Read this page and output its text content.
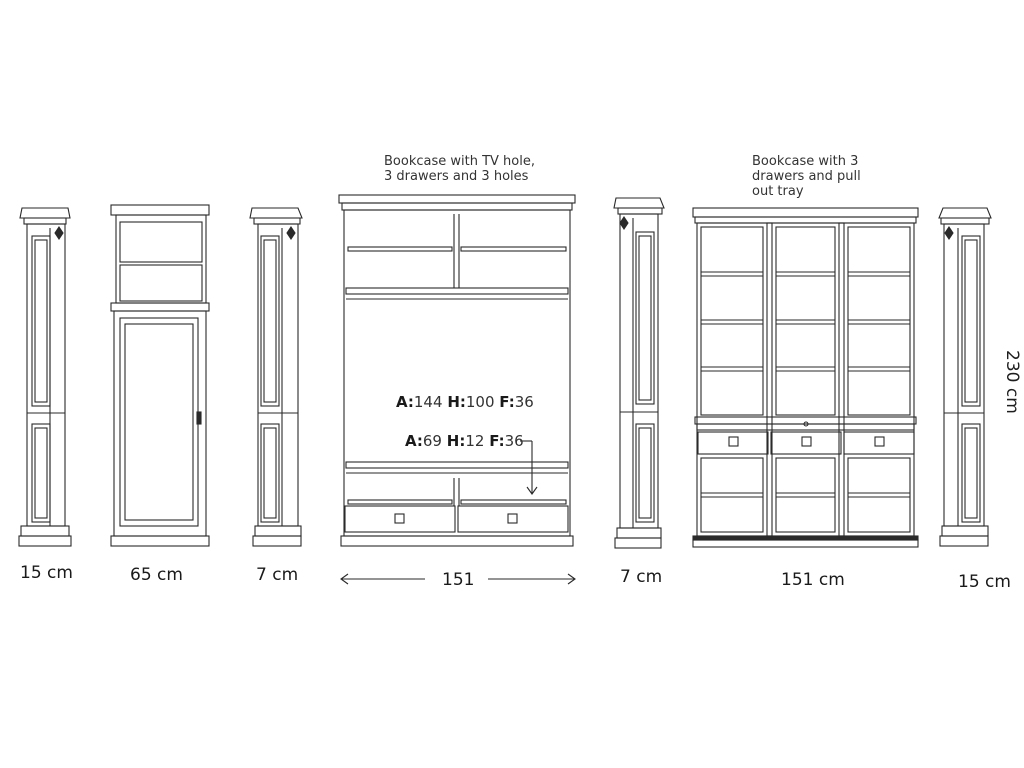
Bookcase with TV hole,
3 drawers and 3 holes
Bookcase with 3
drawers and pull
out tray
A:144 H:100 F:36
A:69 H:12 F:36
15 cm	65 cm	7 cm	151	7 cm	151 cm	15 cm
230 cm
